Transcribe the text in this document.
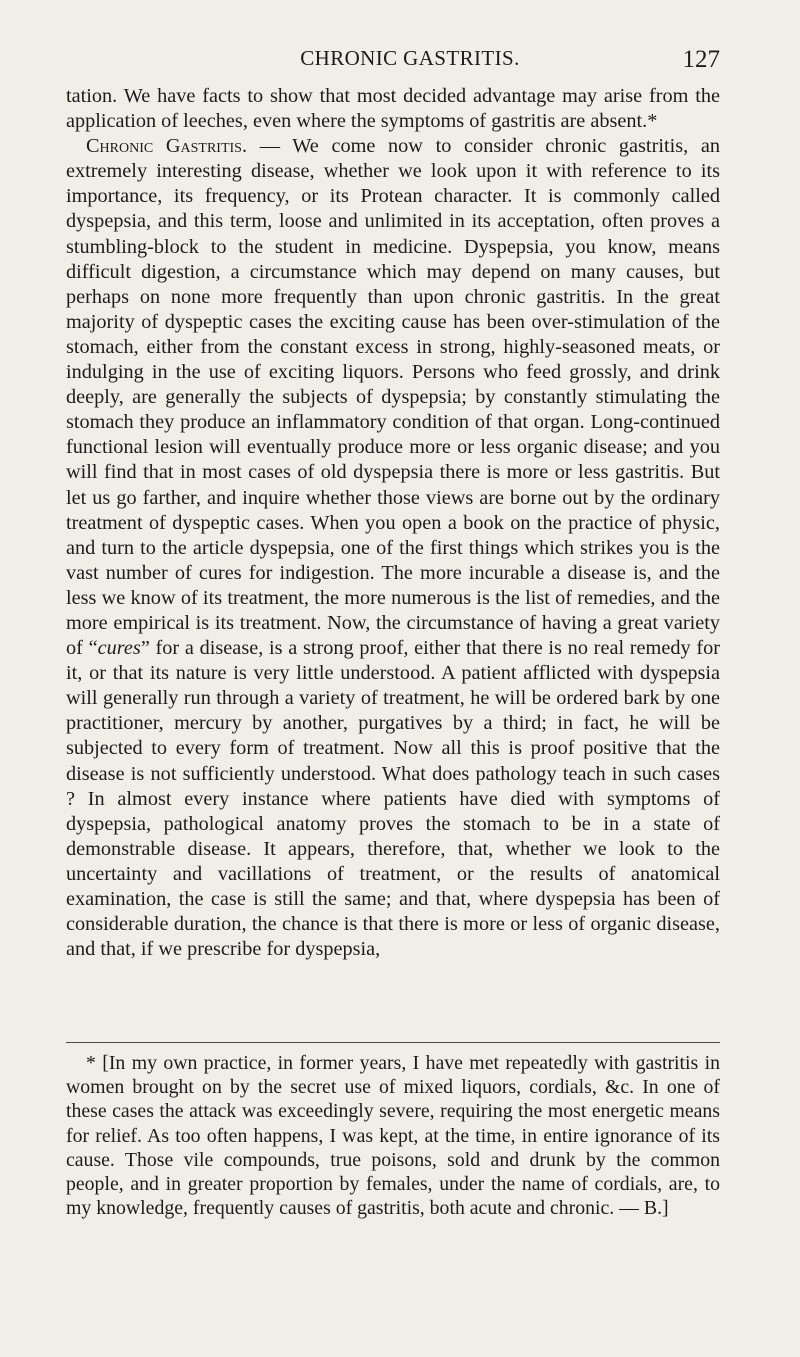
CHRONIC GASTRITIS.	127

tation. We have facts to show that most decided advantage may arise from the application of leeches, even where the symptoms of gastritis are absent.*

Chronic Gastritis. — We come now to consider chronic gastritis, an extremely interesting disease, whether we look upon it with reference to its importance, its frequency, or its Protean character. It is commonly called dyspepsia, and this term, loose and unlimited in its acceptation, often proves a stumbling-block to the student in medicine. Dyspepsia, you know, means difficult digestion, a circumstance which may depend on many causes, but perhaps on none more frequently than upon chronic gastritis. In the great majority of dyspeptic cases the exciting cause has been over-stimulation of the stomach, either from the constant excess in strong, highly-seasoned meats, or indulging in the use of exciting liquors. Persons who feed grossly, and drink deeply, are generally the subjects of dyspepsia; by constantly stimulating the stomach they produce an inflammatory condition of that organ. Long-continued functional lesion will eventually produce more or less organic disease; and you will find that in most cases of old dyspepsia there is more or less gastritis. But let us go farther, and inquire whether those views are borne out by the ordinary treatment of dyspeptic cases. When you open a book on the practice of physic, and turn to the article dyspepsia, one of the first things which strikes you is the vast number of cures for indigestion. The more incurable a disease is, and the less we know of its treatment, the more numerous is the list of remedies, and the more empirical is its treatment. Now, the circumstance of having a great variety of “cures” for a disease, is a strong proof, either that there is no real remedy for it, or that its nature is very little understood. A patient afflicted with dyspepsia will generally run through a variety of treatment, he will be ordered bark by one practitioner, mercury by another, purgatives by a third; in fact, he will be subjected to every form of treatment. Now all this is proof positive that the disease is not sufficiently understood. What does pathology teach in such cases ? In almost every instance where patients have died with symptoms of dyspepsia, pathological anatomy proves the stomach to be in a state of demonstrable disease. It appears, therefore, that, whether we look to the uncertainty and vacillations of treatment, or the results of anatomical examination, the case is still the same; and that, where dyspepsia has been of considerable duration, the chance is that there is more or less of organic disease, and that, if we prescribe for dyspepsia,

* [In my own practice, in former years, I have met repeatedly with gastritis in women brought on by the secret use of mixed liquors, cordials, &c. In one of these cases the attack was exceedingly severe, requiring the most energetic means for relief. As too often happens, I was kept, at the time, in entire ignorance of its cause. Those vile compounds, true poisons, sold and drunk by the common people, and in greater proportion by females, under the name of cordials, are, to my knowledge, frequently causes of gastritis, both acute and chronic. — B.]
